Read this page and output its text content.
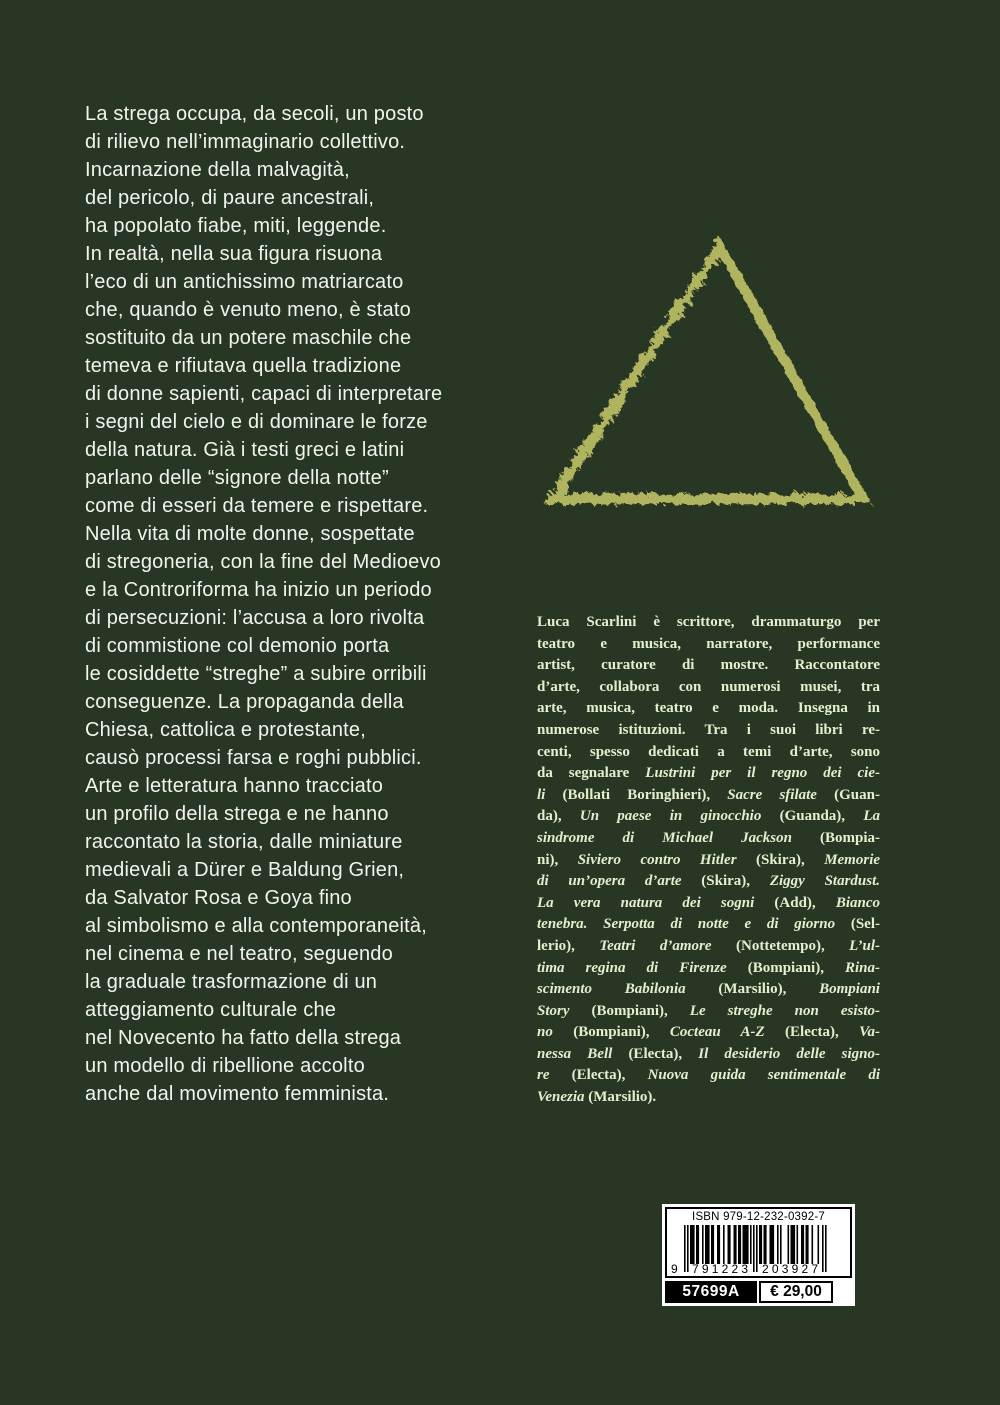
La strega occupa, da secoli, un posto
di rilievo nell’immaginario collettivo.
Incarnazione della malvagità,
del pericolo, di paure ancestrali,
ha popolato fiabe, miti, leggende.
In realtà, nella sua figura risuona
l’eco di un antichissimo matriarcato
che, quando è venuto meno, è stato
sostituito da un potere maschile che
temeva e rifiutava quella tradizione
di donne sapienti, capaci di interpretare
i segni del cielo e di dominare le forze
della natura. Già i testi greci e latini
parlano delle “signore della notte”
come di esseri da temere e rispettare.
Nella vita di molte donne, sospettate
di stregoneria, con la fine del Medioevo
e la Controriforma ha inizio un periodo
di persecuzioni: l’accusa a loro rivolta
di commistione col demonio porta
le cosiddette “streghe” a subire orribili
conseguenze. La propaganda della
Chiesa, cattolica e protestante,
causò processi farsa e roghi pubblici.
Arte e letteratura hanno tracciato
un profilo della strega e ne hanno
raccontato la storia, dalle miniature
medievali a Dürer e Baldung Grien,
da Salvator Rosa e Goya fino
al simbolismo e alla contemporaneità,
nel cinema e nel teatro, seguendo
la graduale trasformazione di un
atteggiamento culturale che
nel Novecento ha fatto della strega
un modello di ribellione accolto
anche dal movimento femminista.
Luca Scarlini è scrittore, drammaturgo per
teatro e musica, narratore, performance
artist, curatore di mostre. Raccontatore
d’arte, collabora con numerosi musei, tra
arte, musica, teatro e moda. Insegna in
numerose istituzioni. Tra i suoi libri re-
centi, spesso dedicati a temi d’arte, sono
da segnalare Lustrini per il regno dei cie-
li (Bollati Boringhieri), Sacre sfilate (Guan-
da), Un paese in ginocchio (Guanda), La
sindrome di Michael Jackson (Bompia-
ni), Siviero contro Hitler (Skira), Memorie
di un’opera d’arte (Skira), Ziggy Stardust.
La vera natura dei sogni (Add), Bianco
tenebra. Serpotta di notte e di giorno (Sel-
lerio), Teatri d’amore (Nottetempo), L’ul-
tima regina di Firenze (Bompiani), Rina-
scimento Babilonia (Marsilio), Bompiani
Story (Bompiani), Le streghe non esisto-
no (Bompiani), Cocteau A-Z (Electa), Va-
nessa Bell (Electa), Il desiderio delle signo-
re (Electa), Nuova guida sentimentale di
Venezia (Marsilio).
ISBN 979-12-232-0392-7
9 791223 203927
57699A	€ 29,00
